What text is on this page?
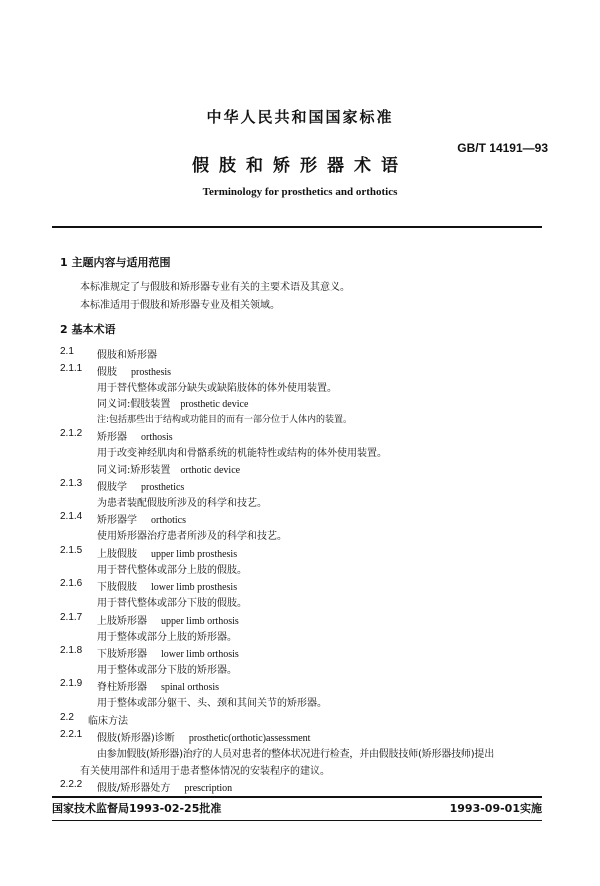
中华人民共和国国家标准
GB/T 14191—93
假肢和矫形器术语
Terminology for prosthetics and orthotics
1 主题内容与适用范围
本标准规定了与假肢和矫形器专业有关的主要术语及其意义。
本标准适用于假肢和矫形器专业及相关领域。
2 基本术语
2.1 假肢和矫形器
2.1.1 假肢 prosthesis
用于替代整体或部分缺失或缺陷肢体的体外使用装置。
同义词:假肢装置 prosthetic device
注:包括那些出于结构或功能目的而有一部分位于人体内的装置。
2.1.2 矫形器 orthosis
用于改变神经肌肉和骨骼系统的机能特性或结构的体外使用装置。
同义词:矫形装置 orthotic device
2.1.3 假肢学 prosthetics
为患者装配假肢所涉及的科学和技艺。
2.1.4 矫形器学 orthotics
使用矫形器治疗患者所涉及的科学和技艺。
2.1.5 上肢假肢 upper limb prosthesis
用于替代整体或部分上肢的假肢。
2.1.6 下肢假肢 lower limb prosthesis
用于替代整体或部分下肢的假肢。
2.1.7 上肢矫形器 upper limb orthosis
用于整体或部分上肢的矫形器。
2.1.8 下肢矫形器 lower limb orthosis
用于整体或部分下肢的矫形器。
2.1.9 脊柱矫形器 spinal orthosis
用于整体或部分躯干、头、颈和其间关节的矫形器。
2.2 临床方法
2.2.1 假肢(矫形器)诊断 prosthetic(orthotic)assessment
由参加假肢(矫形器)治疗的人员对患者的整体状况进行检查，并由假肢技师(矫形器技师)提出
有关使用部件和适用于患者整体情况的安装程序的建议。
2.2.2 假肢/矫形器处方 prescription
国家技术监督局1993-02-25批准	1993-09-01实施
